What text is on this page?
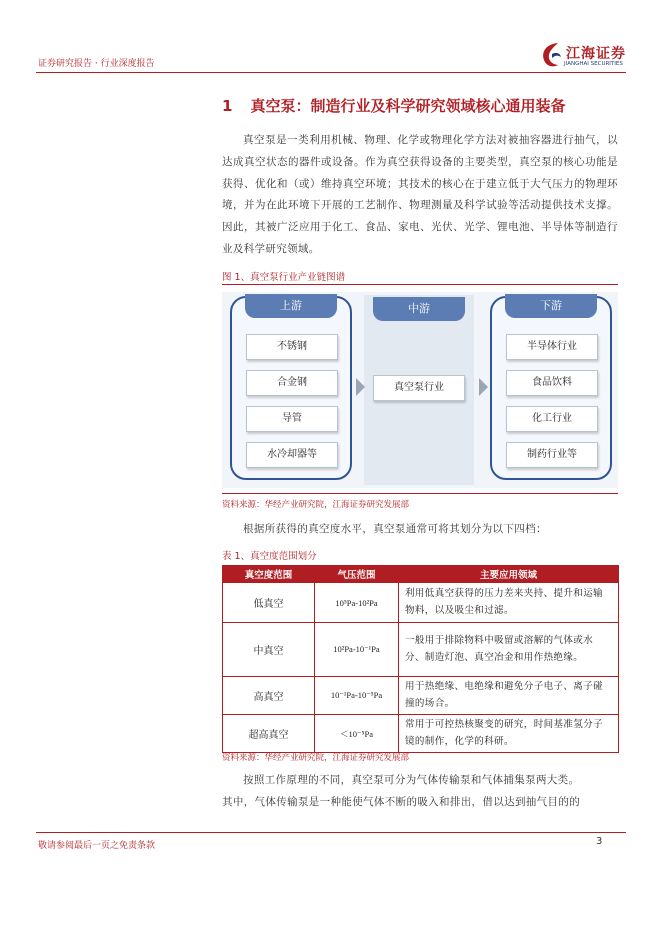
证券研究报告 · 行业深度报告
江海证券
JIANGHAI SECURITIES
1 真空泵：制造行业及科学研究领域核心通用装备

真空泵是一类利用机械、物理、化学或物理化学方法对被抽容器进行抽气，以达成真空状态的器件或设备。作为真空获得设备的主要类型，真空泵的核心功能是获得、优化和（或）维持真空环境；其技术的核心在于建立低于大气压力的物理环境，并为在此环境下开展的工艺制作、物理测量及科学试验等活动提供技术支撑。因此，其被广泛应用于化工、食品、家电、光伏、光学、锂电池、半导体等制造行业及科学研究领域。

图 1、真空泵行业产业链图谱
中游
真空泵行业
上游
不锈钢
合金钢
导管
水冷却器等
下游
半导体行业
食品饮料
化工行业
制药行业等
资料来源：华经产业研究院，江海证券研究发展部

根据所获得的真空度水平，真空泵通常可将其划分为以下四档：

表 1、真空度范围划分
真空度范围	气压范围	主要应用领域
低真空	10⁵Pa-10²Pa	利用低真空获得的压力差来夹持、提升和运输物料，以及吸尘和过滤。
中真空	10²Pa-10⁻¹Pa	一般用于排除物料中吸留或溶解的气体或水分、制造灯泡、真空冶金和用作热绝缘。
高真空	10⁻¹Pa-10⁻⁵Pa	用于热绝缘、电绝缘和避免分子电子、离子碰撞的场合。
超高真空	＜10⁻⁵Pa	常用于可控热核聚变的研究，时间基准氢分子镜的制作，化学的科研。
资料来源：华经产业研究院，江海证券研究发展部
按照工作原理的不同，真空泵可分为气体传输泵和气体捕集泵两大类。
其中，气体传输泵是一种能使气体不断的吸入和排出，借以达到抽气目的的
敬请参阅最后一页之免责条款	3
